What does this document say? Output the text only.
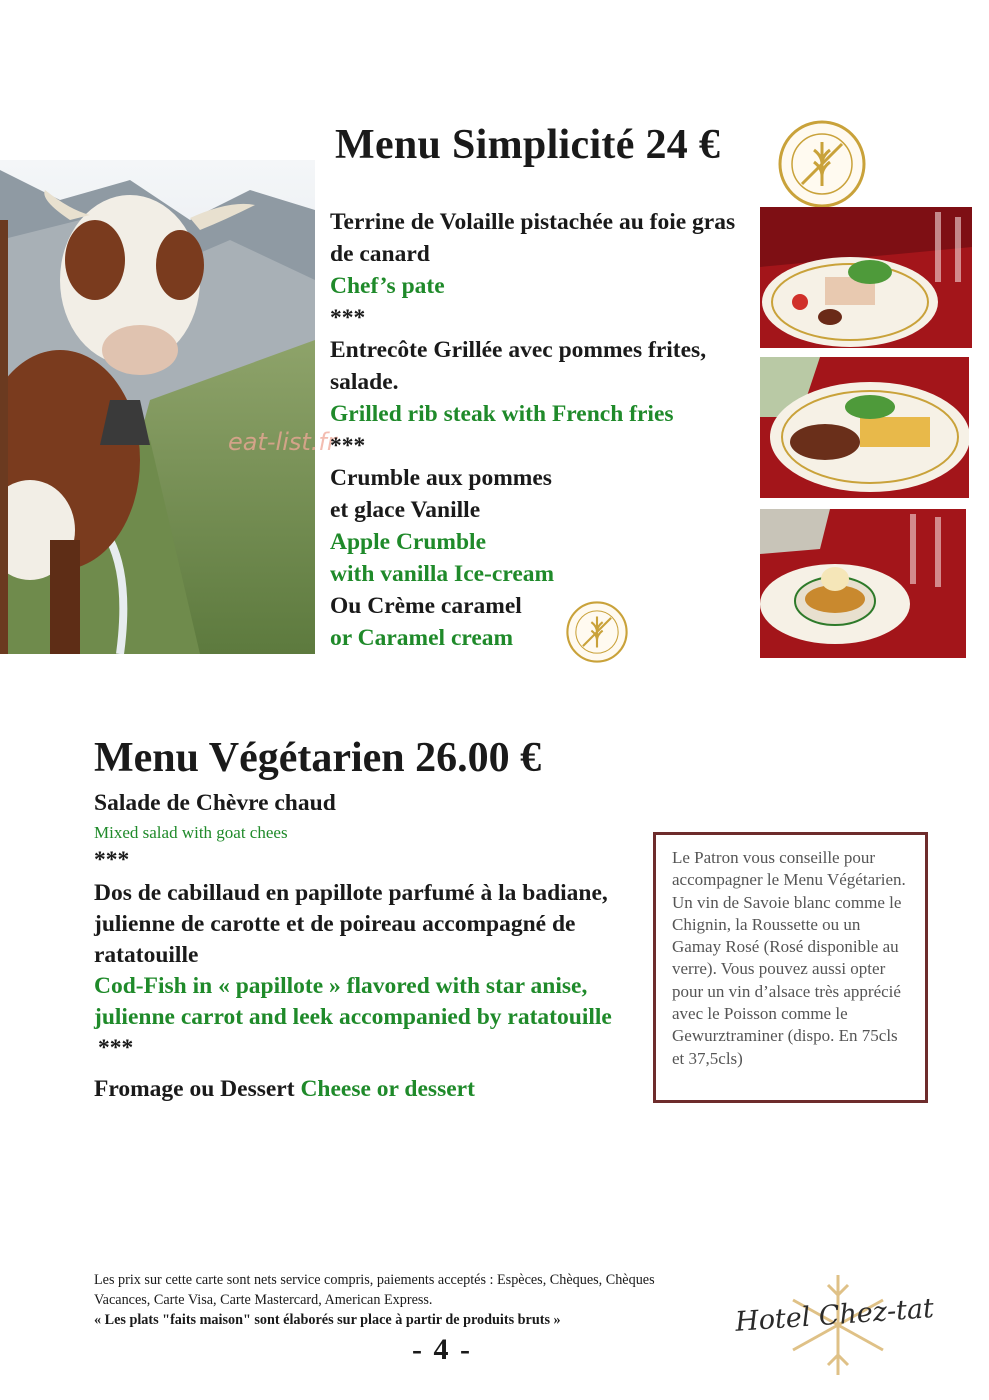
eat-list.fr
Menu Simplicité 24 €

Terrine de Volaille pistachée au foie gras de canard

Chef’s pate

***

Entrecôte Grillée avec pommes frites, salade.

Grilled rib steak with French fries

***

Crumble aux pommes

et glace Vanille

Apple Crumble

with vanilla Ice-cream

Ou Crème caramel

or Caramel cream

Menu Végétarien 26.00 €

Salade de Chèvre chaud

Mixed salad with goat chees

***

Dos de cabillaud en papillote parfumé à la badiane, julienne de carotte et de poireau accompagné de ratatouille

Cod-Fish in « papillote » flavored with star anise, julienne carrot and leek accompanied by ratatouille

***

Fromage ou Dessert Cheese or dessert

Le Patron vous conseille pour accompagner le Menu Végétarien. Un vin de Savoie blanc comme le Chignin, la Roussette ou un Gamay Rosé (Rosé disponible au verre). Vous pouvez aussi opter pour un vin d’alsace très apprécié avec le Poisson comme le Gewurztraminer (dispo. En 75cls et 37,5cls)
Les prix sur cette carte sont nets service compris, paiements acceptés : Espèces, Chèques, Chèques Vacances, Carte Visa, Carte Mastercard, American Express.
« Les plats "faits maison" sont élaborés sur place à partir de produits bruts »
- 4 -
Hotel Chez-tat
